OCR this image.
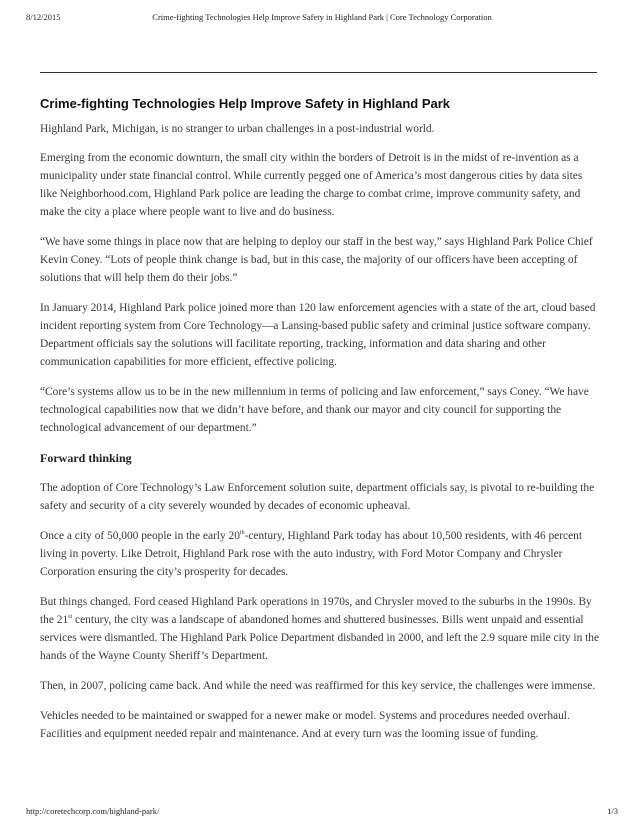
8/12/2015	Crime-fighting Technologies Help Improve Safety in Highland Park | Core Technology Corporation
Crime-fighting Technologies Help Improve Safety in Highland Park

Highland Park, Michigan, is no stranger to urban challenges in a post-industrial world.

Emerging from the economic downturn, the small city within the borders of Detroit is in the midst of re-invention as a municipality under state financial control. While currently pegged one of America’s most dangerous cities by data sites like Neighborhood.com, Highland Park police are leading the charge to combat crime, improve community safety, and make the city a place where people want to live and do business.

“We have some things in place now that are helping to deploy our staff in the best way,” says Highland Park Police Chief Kevin Coney. “Lots of people think change is bad, but in this case, the majority of our officers have been accepting of solutions that will help them do their jobs.”

In January 2014, Highland Park police joined more than 120 law enforcement agencies with a state of the art, cloud based incident reporting system from Core Technology—a Lansing-based public safety and criminal justice software company. Department officials say the solutions will facilitate reporting, tracking, information and data sharing and other communication capabilities for more efficient, effective policing.

“Core’s systems allow us to be in the new millennium in terms of policing and law enforcement,” says Coney. “We have technological capabilities now that we didn’t have before, and thank our mayor and city council for supporting the technological advancement of our department.”

Forward thinking

The adoption of Core Technology’s Law Enforcement solution suite, department officials say, is pivotal to re-building the safety and security of a city severely wounded by decades of economic upheaval.

Once a city of 50,000 people in the early 20th-century, Highland Park today has about 10,500 residents, with 46 percent living in poverty. Like Detroit, Highland Park rose with the auto industry, with Ford Motor Company and Chrysler Corporation ensuring the city’s prosperity for decades.

But things changed. Ford ceased Highland Park operations in 1970s, and Chrysler moved to the suburbs in the 1990s. By the 21st century, the city was a landscape of abandoned homes and shuttered businesses. Bills went unpaid and essential services were dismantled. The Highland Park Police Department disbanded in 2000, and left the 2.9 square mile city in the hands of the Wayne County Sheriff’s Department.

Then, in 2007, policing came back. And while the need was reaffirmed for this key service, the challenges were immense.

Vehicles needed to be maintained or swapped for a newer make or model. Systems and procedures needed overhaul. Facilities and equipment needed repair and maintenance. And at every turn was the looming issue of funding.

http://coretechcorp.com/highland-park/	1/3
